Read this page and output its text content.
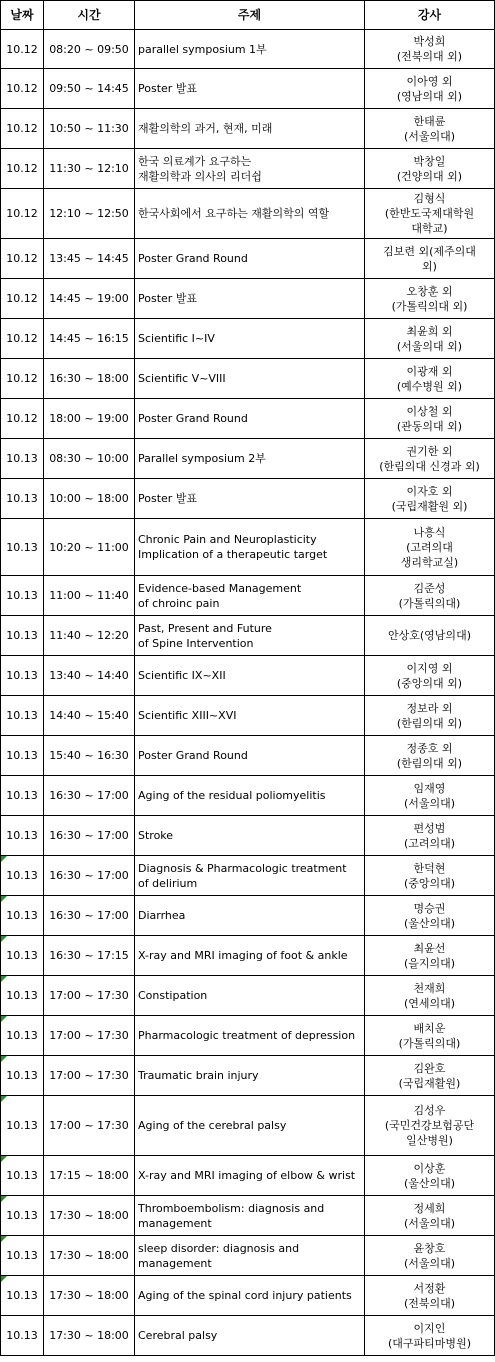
날짜	시간	주제	강사
10.12	08:20 ~ 09:50	parallel symposium 1부	박성희
(전북의대 외)

10.12	09:50 ~ 14:45	Poster 발표	이아영 외
(영남의대 외)

10.12	10:50 ~ 11:30	재활의학의 과거, 현재, 미래	한태륜
(서울의대)

10.12	11:30 ~ 12:10	한국 의료계가 요구하는
재활의학과 의사의 리더쉽	박창일
(건양의대 외)

10.12	12:10 ~ 12:50	한국사회에서 요구하는 재활의학의 역할	김형식
(한반도국제대학원
대학교)

10.12	13:45 ~ 14:45	Poster Grand Round	김보련 외(제주의대
외)

10.12	14:45 ~ 19:00	Poster 발표	오창훈 외
(가톨릭의대 외)

10.12	14:45 ~ 16:15	Scientific I~IV	최윤희 외
(서울의대 외)

10.12	16:30 ~ 18:00	Scientific V~VIII	이광재 외
(예수병원 외)

10.12	18:00 ~ 19:00	Poster Grand Round	이상철 외
(관동의대 외)

10.13	08:30 ~ 10:00	Parallel symposium 2부	권기한 외
(한림의대 신경과 외)

10.13	10:00 ~ 18:00	Poster 발표	이자호 외
(국립재활원 외)

10.13	10:20 ~ 11:00	Chronic Pain and Neuroplasticity
Implication of a therapeutic target	나흥식
(고려의대
생리학교실)

10.13	11:00 ~ 11:40	Evidence-based Management
of chroinc pain	김준성
(가톨릭의대)

10.13	11:40 ~ 12:20	Past, Present and Future
of Spine Intervention	안상호(영남의대)

10.13	13:40 ~ 14:40	Scientific IX~XII	이지영 외
(중앙의대 외)

10.13	14:40 ~ 15:40	Scientific XIII~XVI	정보라 외
(한림의대 외)

10.13	15:40 ~ 16:30	Poster Grand Round	정종호 외
(한림의대 외)

10.13	16:30 ~ 17:00	Aging of the residual poliomyelitis	임재영
(서울의대)

10.13	16:30 ~ 17:00	Stroke	편성범
(고려의대)

10.13	16:30 ~ 17:00	Diagnosis & Pharmacologic treatment
of delirium	한덕현
(중앙의대)

10.13	16:30 ~ 17:00	Diarrhea	명승권
(울산의대)

10.13	16:30 ~ 17:15	X-ray and MRI imaging of foot & ankle	최윤선
(을지의대)

10.13	17:00 ~ 17:30	Constipation	천재희
(연세의대)

10.13	17:00 ~ 17:30	Pharmacologic treatment of depression	배치운
(가톨릭의대)

10.13	17:00 ~ 17:30	Traumatic brain injury	김완호
(국립재활원)

10.13	17:00 ~ 17:30	Aging of the cerebral palsy	김성우
(국민건강보험공단
일산병원)

10.13	17:15 ~ 18:00	X-ray and MRI imaging of elbow & wrist	이상훈
(울산의대)

10.13	17:30 ~ 18:00	Thromboembolism: diagnosis and
management	정세희
(서울의대)

10.13	17:30 ~ 18:00	sleep disorder: diagnosis and
management	윤창호
(서울의대)

10.13	17:30 ~ 18:00	Aging of the spinal cord injury patients	서정환
(전북의대)

10.13	17:30 ~ 18:00	Cerebral palsy	이지인
(대구파티마병원)
